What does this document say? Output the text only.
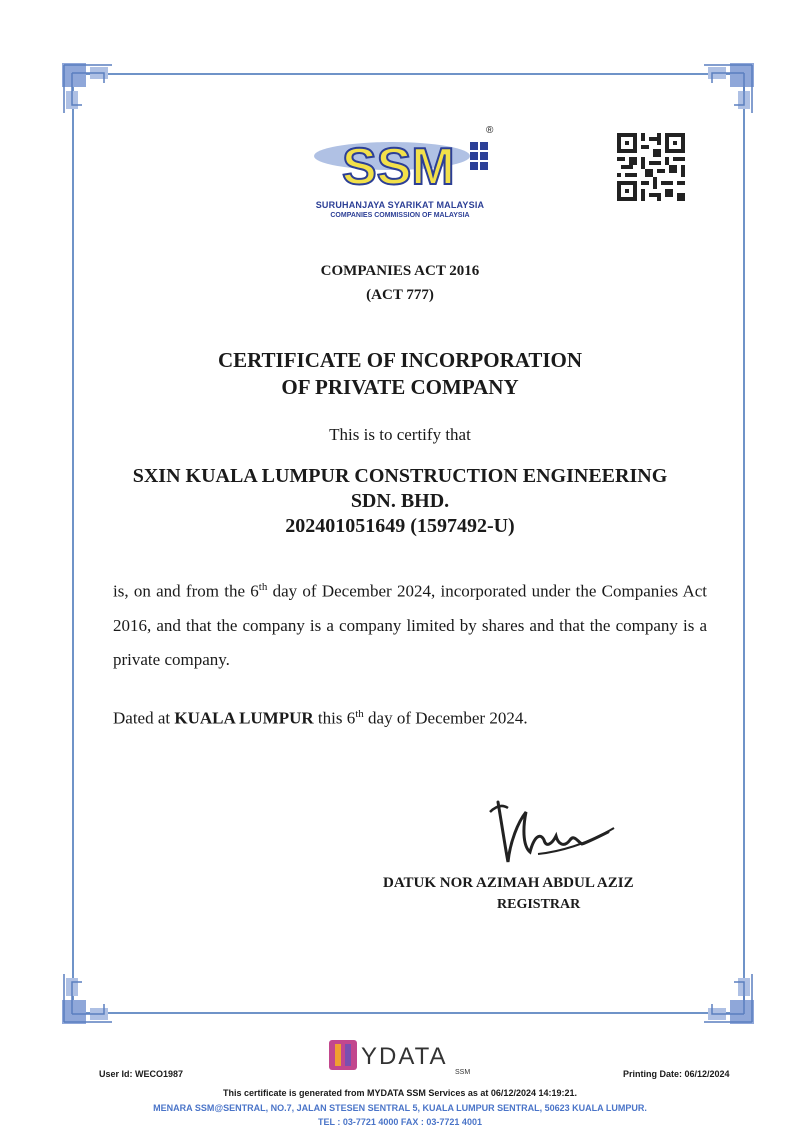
SSM
®
SURUHANJAYA SYARIKAT MALAYSIA
COMPANIES COMMISSION OF MALAYSIA
COMPANIES ACT 2016
(ACT 777)
CERTIFICATE OF INCORPORATION
OF PRIVATE COMPANY
This is to certify that
SXIN KUALA LUMPUR CONSTRUCTION ENGINEERING
SDN. BHD.
202401051649 (1597492-U)
is, on and from the 6th day of December 2024, incorporated under the Companies Act 2016, and that the company is a company limited by shares and that the company is a private company.
Dated at KUALA LUMPUR this 6th day of December 2024.
DATUK NOR AZIMAH ABDUL AZIZ
REGISTRAR
YDATA
SSM
User Id: WECO1987	Printing Date: 06/12/2024
This certificate is generated from MYDATA SSM Services as at 06/12/2024 14:19:21.
MENARA SSM@SENTRAL, NO.7, JALAN STESEN SENTRAL 5, KUALA LUMPUR SENTRAL, 50623 KUALA LUMPUR.
TEL : 03-7721 4000 FAX : 03-7721 4001
